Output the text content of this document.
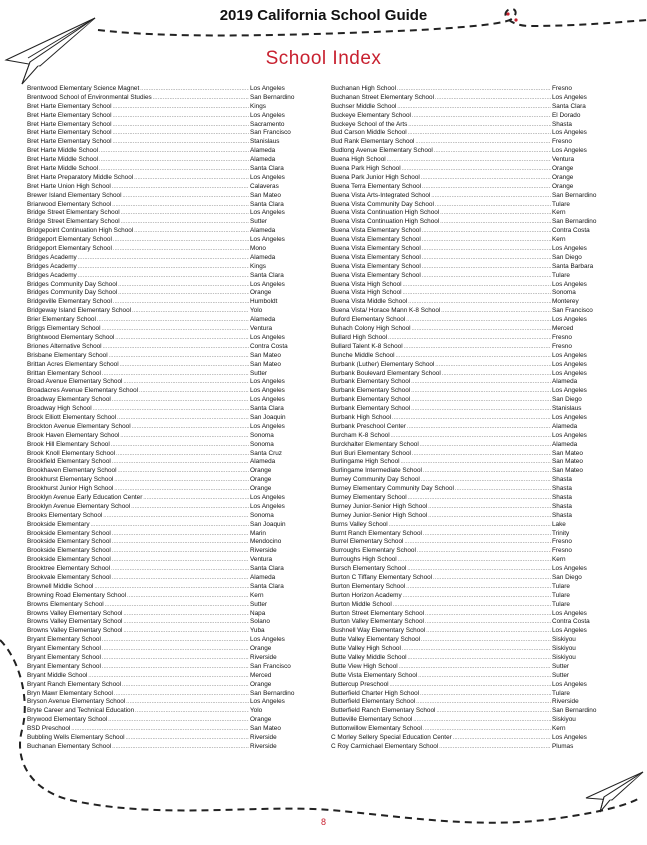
2019 California School Guide
School Index
Brentwood Elementary Science Magnet .....	Los Angeles
Brentwood School of Environmental Studies .....	San Bernardino
Bret Harte Elementary School .....	Kings
Bret Harte Elementary School .....	Los Angeles
Bret Harte Elementary School .....	Sacramento
Bret Harte Elementary School .....	San Francisco
Bret Harte Elementary School .....	Stanislaus
Bret Harte Middle School .....	Alameda
Bret Harte Middle School .....	Alameda
Bret Harte Middle School .....	Santa Clara
Bret Harte Preparatory Middle School .....	Los Angeles
Bret Harte Union High School .....	Calaveras
Brewer Island Elementary School .....	San Mateo
Briarwood Elementary School .....	Santa Clara
Bridge Street Elementary School .....	Los Angeles
Bridge Street Elementary School .....	Sutter
Bridgepoint Continuation High School .....	Alameda
Bridgeport Elementary School .....	Los Angeles
Bridgeport Elementary School .....	Mono
Bridges Academy .....	Alameda
Bridges Academy .....	Kings
Bridges Academy .....	Santa Clara
Bridges Community Day School .....	Los Angeles
Bridges Community Day School .....	Orange
Bridgeville Elementary School .....	Humboldt
Bridgeway Island Elementary School .....	Yolo
Brier Elementary School .....	Alameda
Briggs Elementary School .....	Ventura
Brightwood Elementary School .....	Los Angeles
Briones Alternative School .....	Contra Costa
Brisbane Elementary School .....	San Mateo
Brittan Acres Elementary School .....	San Mateo
Brittan Elementary School .....	Sutter
Broad Avenue Elementary School .....	Los Angeles
Broadacres Avenue Elementary School .....	Los Angeles
Broadway Elementary School .....	Los Angeles
Broadway High School .....	Santa Clara
Brock Elliott Elementary School .....	San Joaquin
Brockton Avenue Elementary School .....	Los Angeles
Brook Haven Elementary School .....	Sonoma
Brook Hill Elementary School .....	Sonoma
Brook Knoll Elementary School .....	Santa Cruz
Brookfield Elementary School .....	Alameda
Brookhaven Elementary School .....	Orange
Brookhurst Elementary School .....	Orange
Brookhurst Junior High School .....	Orange
Brooklyn Avenue Early Education Center .....	Los Angeles
Brooklyn Avenue Elementary School .....	Los Angeles
Brooks Elementary School .....	Sonoma
Brookside Elementary .....	San Joaquin
Brookside Elementary School .....	Marin
Brookside Elementary School .....	Mendocino
Brookside Elementary School .....	Riverside
Brookside Elementary School .....	Ventura
Brooktree Elementary School .....	Santa Clara
Brookvale Elementary School .....	Alameda
Brownell Middle School .....	Santa Clara
Browning Road Elementary School .....	Kern
Browns Elementary School .....	Sutter
Browns Valley Elementary School .....	Napa
Browns Valley Elementary School .....	Solano
Browns Valley Elementary School .....	Yuba
Bryant Elementary School .....	Los Angeles
Bryant Elementary School .....	Orange
Bryant Elementary School .....	Riverside
Bryant Elementary School .....	San Francisco
Bryant Middle School .....	Merced
Bryant Ranch Elementary School .....	Orange
Bryn Mawr Elementary School .....	San Bernardino
Bryson Avenue Elementary School .....	Los Angeles
Bryte Career and Technical Education .....	Yolo
Brywood Elementary School .....	Orange
BSD Preschool .....	San Mateo
Bubbling Wells Elementary School .....	Riverside
Buchanan Elementary School .....	Riverside
Buchanan High School .....	Fresno
Buchanan Street Elementary School .....	Los Angeles
Buchser Middle School .....	Santa Clara
Buckeye Elementary School .....	El Dorado
Buckeye School of the Arts .....	Shasta
Bud Carson Middle School .....	Los Angeles
Bud Rank Elementary School .....	Fresno
Budlong Avenue Elementary School .....	Los Angeles
Buena High School .....	Ventura
Buena Park High School .....	Orange
Buena Park Junior High School .....	Orange
Buena Terra Elementary School .....	Orange
Buena Vista Arts-Integrated School .....	San Bernardino
Buena Vista Community Day School .....	Tulare
Buena Vista Continuation High School .....	Kern
Buena Vista Continuation High School .....	San Bernardino
Buena Vista Elementary School .....	Contra Costa
Buena Vista Elementary School .....	Kern
Buena Vista Elementary School .....	Los Angeles
Buena Vista Elementary School .....	San Diego
Buena Vista Elementary School .....	Santa Barbara
Buena Vista Elementary School .....	Tulare
Buena Vista High School .....	Los Angeles
Buena Vista High School .....	Sonoma
Buena Vista Middle School .....	Monterey
Buena Vista/ Horace Mann K-8 School .....	San Francisco
Buford Elementary School .....	Los Angeles
Buhach Colony High School .....	Merced
Bullard High School .....	Fresno
Bullard Talent K-8 School .....	Fresno
Bunche Middle School .....	Los Angeles
Burbank (Luther) Elementary School .....	Los Angeles
Burbank Boulevard Elementary School .....	Los Angeles
Burbank Elementary School .....	Alameda
Burbank Elementary School .....	Los Angeles
Burbank Elementary School .....	San Diego
Burbank Elementary School .....	Stanislaus
Burbank High School .....	Los Angeles
Burbank Preschool Center .....	Alameda
Burcham K-8 School .....	Los Angeles
Burckhalter Elementary School .....	Alameda
Buri Buri Elementary School .....	San Mateo
Burlingame High School .....	San Mateo
Burlingame Intermediate School .....	San Mateo
Burney Community Day School .....	Shasta
Burney Elementary Community Day School .....	Shasta
Burney Elementary School .....	Shasta
Burney Junior-Senior High School .....	Shasta
Burney Junior-Senior High School .....	Shasta
Burns Valley School .....	Lake
Burnt Ranch Elementary School .....	Trinity
Burrel Elementary School .....	Fresno
Burroughs Elementary School .....	Fresno
Burroughs High School .....	Kern
Bursch Elementary School .....	Los Angeles
Burton C Tiffany Elementary School .....	San Diego
Burton Elementary School .....	Tulare
Burton Horizon Academy .....	Tulare
Burton Middle School .....	Tulare
Burton Street Elementary School .....	Los Angeles
Burton Valley Elementary School .....	Contra Costa
Bushnell Way Elementary School .....	Los Angeles
Butte Valley Elementary School .....	Siskiyou
Butte Valley High School .....	Siskiyou
Butte Valley Middle School .....	Siskiyou
Butte View High School .....	Sutter
Butte Vista Elementary School .....	Sutter
Buttercup Preschool .....	Los Angeles
Butterfield Charter High School .....	Tulare
Butterfield Elementary School .....	Riverside
Butterfield Ranch Elementary School .....	San Bernardino
Butteville Elementary School .....	Siskiyou
Buttonwillow Elementary School .....	Kern
C Morley Sellery Special Education Center .....	Los Angeles
C Roy Carmichael Elementary School .....	Plumas
8
